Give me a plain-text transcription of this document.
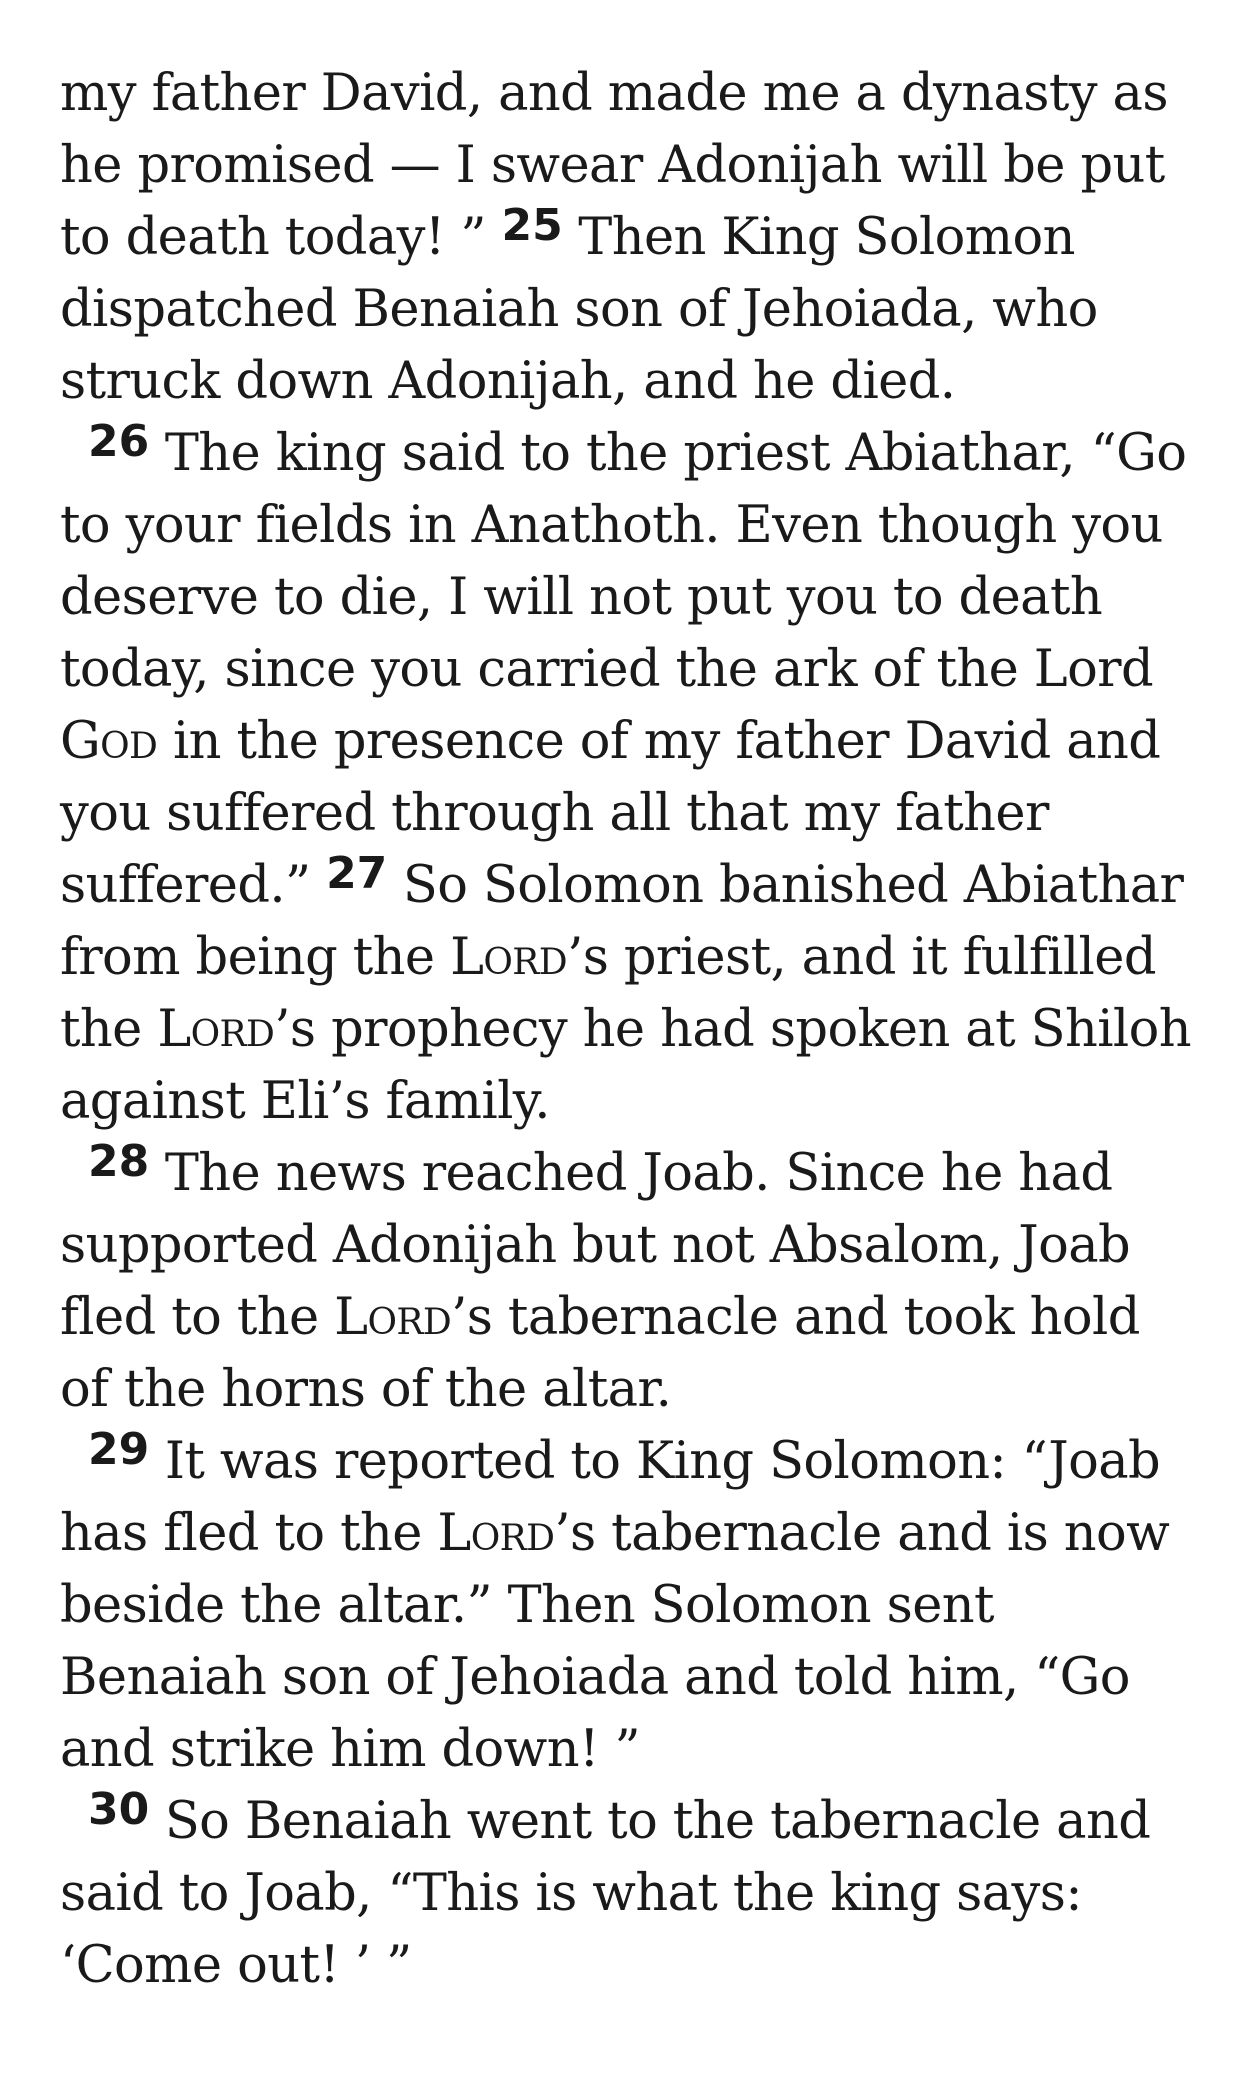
my father David, and made me a dynasty as he promised — I swear Adonijah will be put to death today! ” 25 Then King Solomon dispatched Benaiah son of Jehoiada, who struck down Adonijah, and he died.

26 The king said to the priest Abiathar, “Go to your fields in Anathoth. Even though you deserve to die, I will not put you to death today, since you carried the ark of the Lord God in the presence of my father David and you suffered through all that my father suffered.” 27 So Solomon banished Abiathar from being the Lord’s priest, and it fulfilled the Lord’s prophecy he had spoken at Shiloh against Eli’s family.

28 The news reached Joab. Since he had supported Adonijah but not Absalom, Joab fled to the Lord’s tabernacle and took hold of the horns of the altar.

29 It was reported to King Solomon: “Joab has fled to the Lord’s tabernacle and is now beside the altar.” Then Solomon sent Benaiah son of Jehoiada and told him, “Go and strike him down! ”

30 So Benaiah went to the tabernacle and said to Joab, “This is what the king says: ‘Come out! ’ ”
